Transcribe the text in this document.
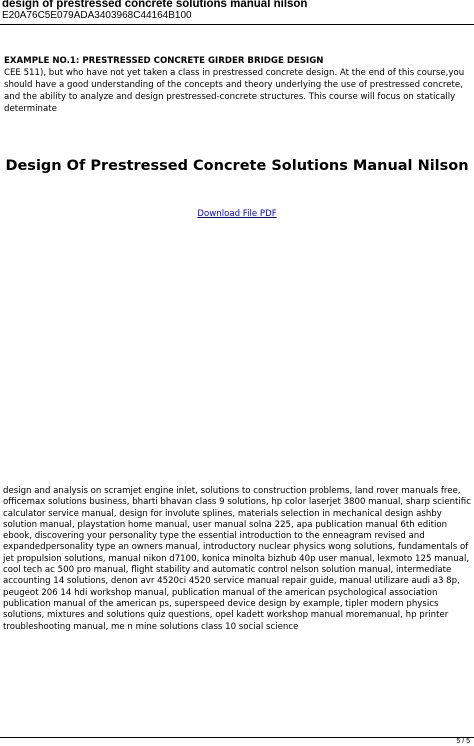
design of prestressed concrete solutions manual nilson
E20A76C5E079ADA3403968C44164B100

EXAMPLE NO.1: PRESTRESSED CONCRETE GIRDER BRIDGE DESIGN

CEE 511), but who have not yet taken a class in prestressed concrete design. At the end of this course,you should have a good understanding of the concepts and theory underlying the use of prestressed concrete, and the ability to analyze and design prestressed-concrete structures. This course will focus on statically determinate

Design Of Prestressed Concrete Solutions Manual Nilson
Download File PDF

design and analysis on scramjet engine inlet, solutions to construction problems, land rover manuals free, officemax solutions business, bharti bhavan class 9 solutions, hp color laserjet 3800 manual, sharp scientific calculator service manual, design for involute splines, materials selection in mechanical design ashby solution manual, playstation home manual, user manual solna 225, apa publication manual 6th edition ebook, discovering your personality type the essential introduction to the enneagram revised and expandedpersonality type an owners manual, introductory nuclear physics wong solutions, fundamentals of jet propulsion solutions, manual nikon d7100, konica minolta bizhub 40p user manual, lexmoto 125 manual, cool tech ac 500 pro manual, flight stability and automatic control nelson solution manual, intermediate accounting 14 solutions, denon avr 4520ci 4520 service manual repair guide, manual utilizare audi a3 8p, peugeot 206 14 hdi workshop manual, publication manual of the american psychological association publication manual of the american ps, superspeed device design by example, tipler modern physics solutions, mixtures and solutions quiz questions, opel kadett workshop manual moremanual, hp printer troubleshooting manual, me n mine solutions class 10 social science

5 / 5
